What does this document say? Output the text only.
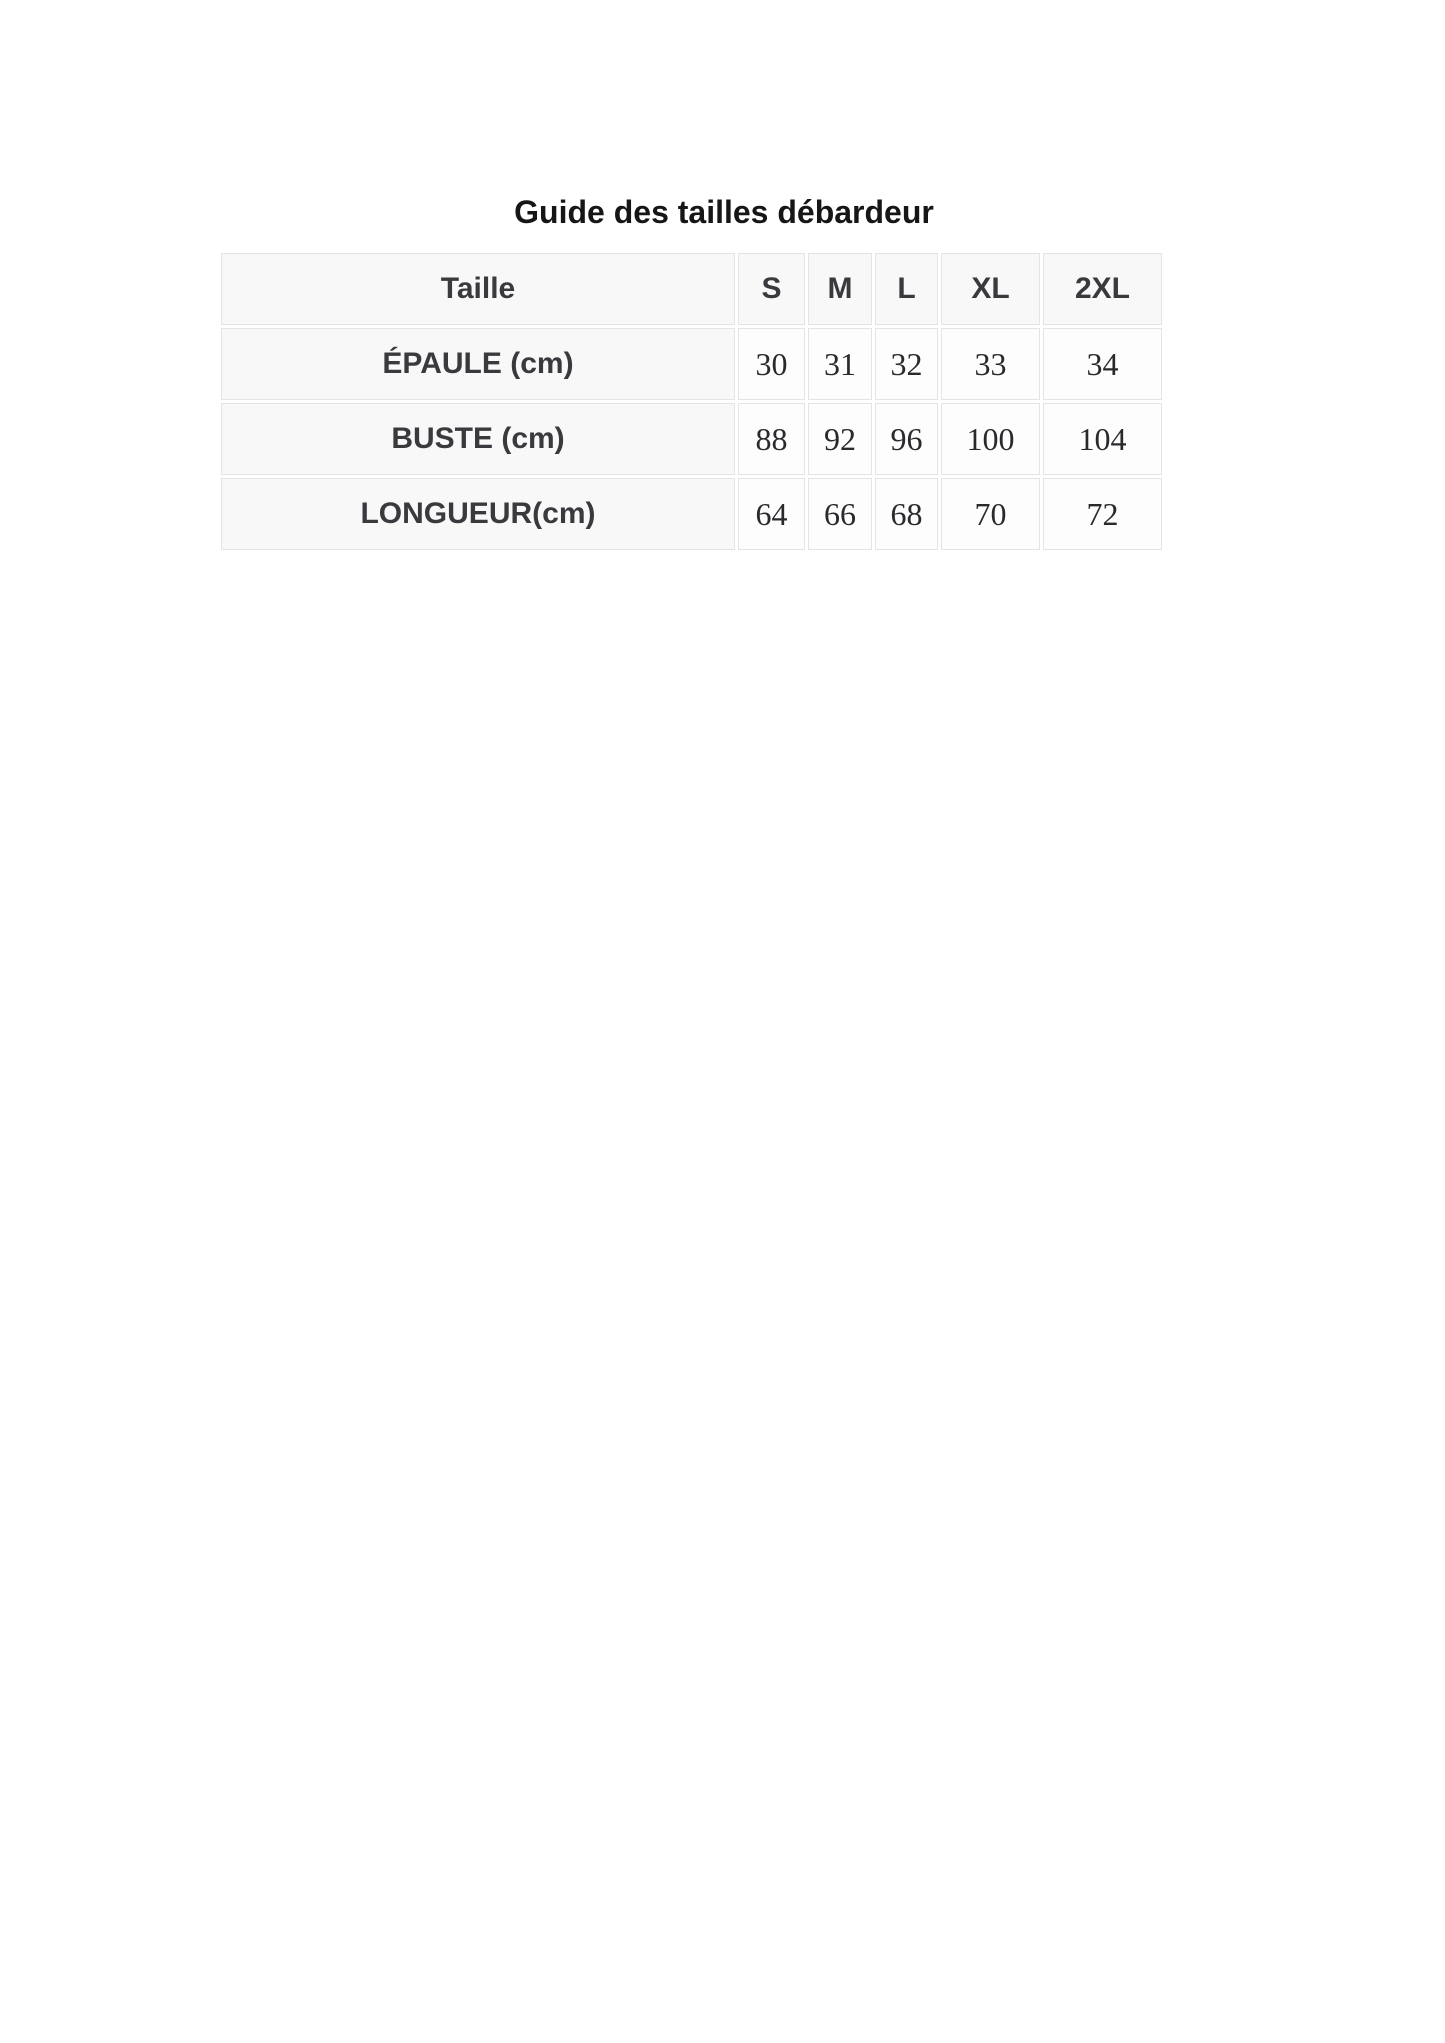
Guide des tailles débardeur
Taille	S	M	L	XL	2XL
ÉPAULE (cm)	30	31	32	33	34
BUSTE (cm)	88	92	96	100	104
LONGUEUR(cm)	64	66	68	70	72
